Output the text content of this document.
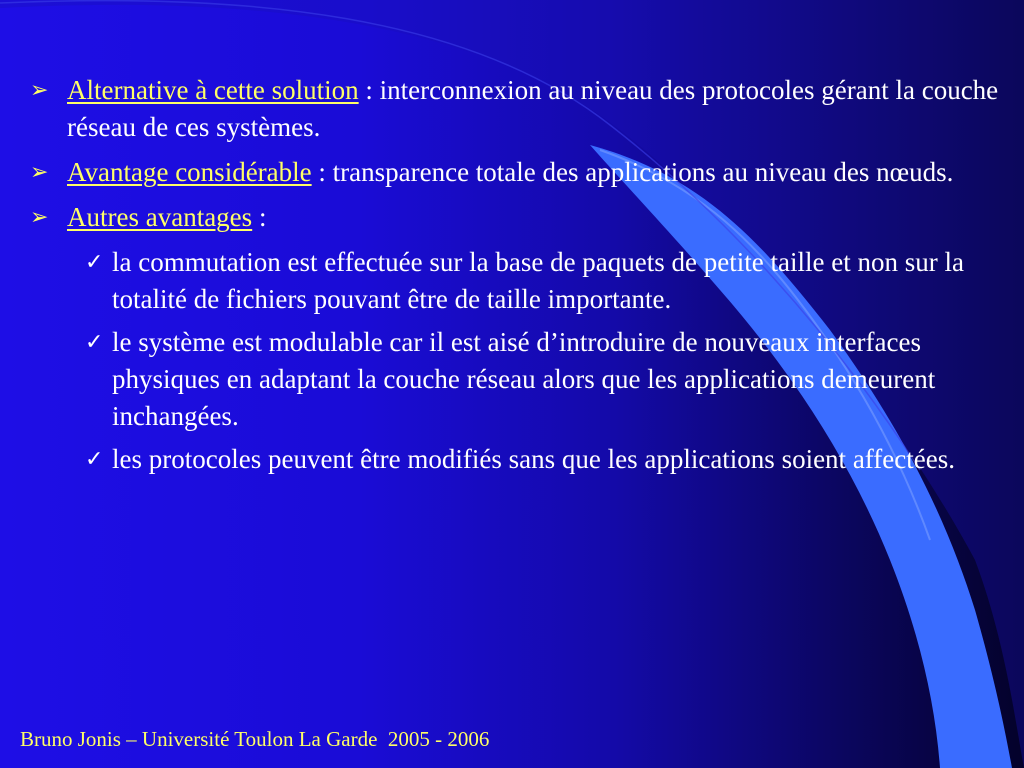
➢ Alternative à cette solution : interconnexion au niveau des protocoles gérant la couche réseau de ces systèmes.
➢ Avantage considérable : transparence totale des applications au niveau des nœuds.
➢ Autres avantages :
✓ la commutation est effectuée sur la base de paquets de petite taille et non sur la totalité de fichiers pouvant être de taille importante.
✓ le système est modulable car il est aisé d’introduire de nouveaux interfaces physiques en adaptant la couche réseau alors que les applications demeurent inchangées.
✓ les protocoles peuvent être modifiés sans que les applications soient affectées.
Bruno Jonis – Université Toulon La Garde  2005 - 2006
